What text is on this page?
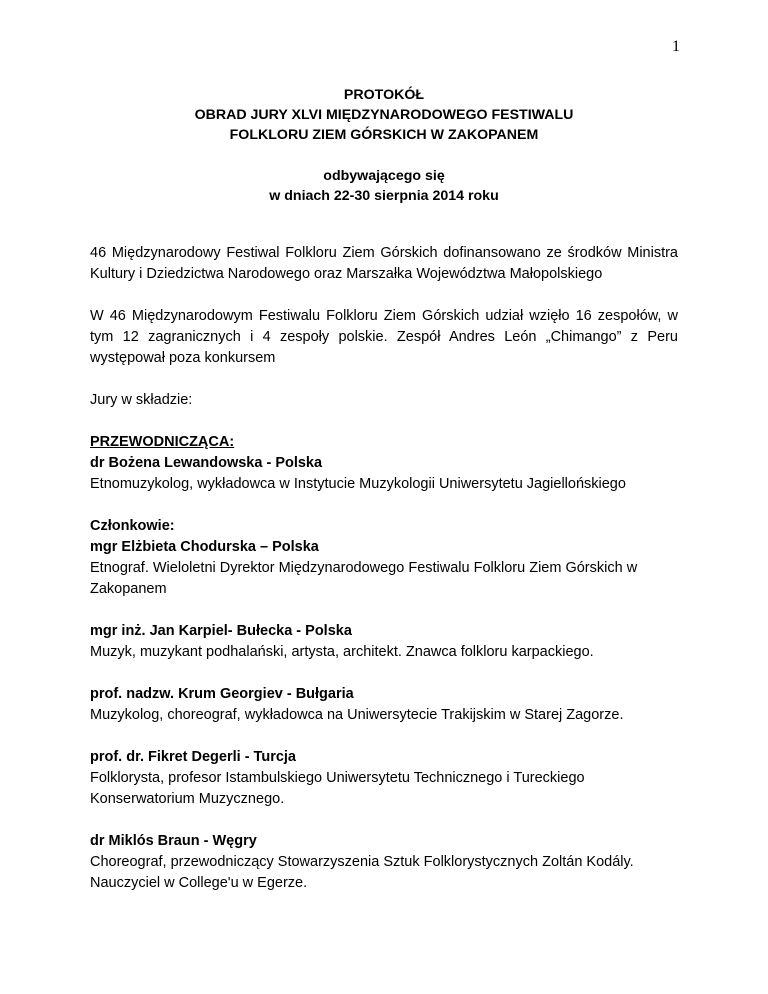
1
PROTOKÓŁ
OBRAD JURY XLVI MIĘDZYNARODOWEGO FESTIWALU
FOLKLORU ZIEM GÓRSKICH W ZAKOPANEM
odbywającego się
w dniach 22-30 sierpnia 2014 roku

46 Międzynarodowy Festiwal Folkloru Ziem Górskich dofinansowano ze środków Ministra Kultury i Dziedzictwa Narodowego oraz Marszałka Województwa Małopolskiego

W 46 Międzynarodowym Festiwalu Folkloru Ziem Górskich udział wzięło 16 zespołów, w tym 12 zagranicznych i 4 zespoły polskie. Zespół Andres León „Chimango” z Peru występował poza konkursem

Jury w składzie:

PRZEWODNICZĄCA:
dr Bożena Lewandowska - Polska
Etnomuzykolog, wykładowca w Instytucie Muzykologii Uniwersytetu Jagiellońskiego
Członkowie:
mgr Elżbieta Chodurska – Polska
Etnograf. Wieloletni Dyrektor Międzynarodowego Festiwalu Folkloru Ziem Górskich w
Zakopanem
mgr inż. Jan Karpiel- Bułecka - Polska
Muzyk, muzykant podhalański, artysta, architekt. Znawca folkloru karpackiego.
prof. nadzw. Krum Georgiev - Bułgaria
Muzykolog, choreograf, wykładowca na Uniwersytecie Trakijskim w Starej Zagorze.
prof. dr. Fikret Degerli - Turcja
Folklorysta, profesor Istambulskiego Uniwersytetu Technicznego i Tureckiego
Konserwatorium Muzycznego.
dr Miklós Braun - Węgry
Choreograf, przewodniczący Stowarzyszenia Sztuk Folklorystycznych Zoltán Kodály.
Nauczyciel w College'u w Egerze.
